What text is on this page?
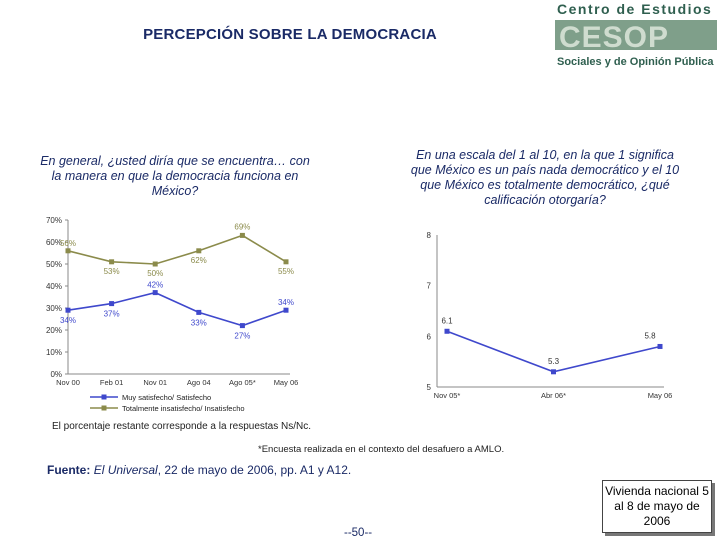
PERCEPCIÓN SOBRE LA DEMOCRACIA
Centro de Estudios
CESOP
Sociales y de Opinión Pública
En general, ¿usted diría que se encuentra… con la manera en que la democracia funciona en México?
En una escala del 1 al 10, en la que 1 significa que México es un país nada democrático y el 10 que México es totalmente democrático, ¿qué calificación otorgaría?
0%
10%
20%
30%
40%
50%
60%
70%
Nov 00	Feb 01	Nov 01	Ago 04 Ago 05* May 06
34%
37%
42%
33%
27%
34%
56%
53%	50%
62%
69%
55%
Muy satisfecho/ Satisfecho
Totalmente insatisfecho/ Insatisfecho
5
6
7
8
Nov 05*	Abr 06*	May 06
6.1
5.3
5.8
El porcentaje restante corresponde a la respuestas Ns/Nc.
*Encuesta realizada en el contexto del desafuero a AMLO.
Fuente: El Universal, 22 de mayo de 2006, pp. A1 y A12.
--50--
Vivienda nacional 5 al 8 de mayo de 2006
